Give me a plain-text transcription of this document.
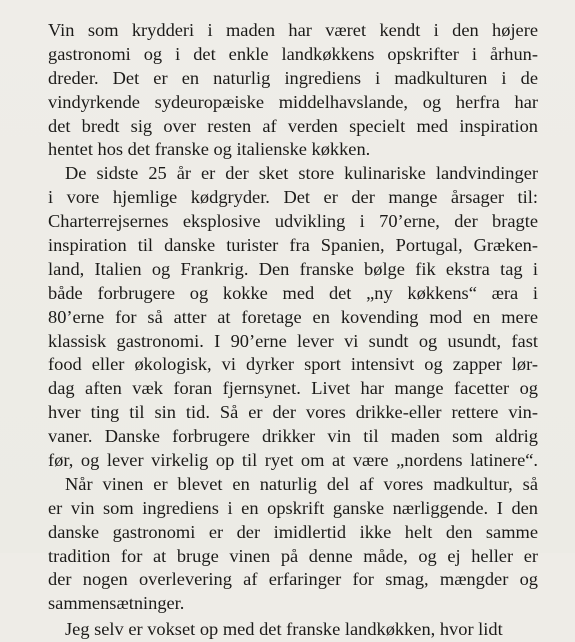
Vin som krydderi i maden har været kendt i den højere
gastronomi og i det enkle landkøkkens opskrifter i århun-
dreder. Det er en naturlig ingrediens i madkulturen i de
vindyrkende sydeuropæiske middelhavslande, og herfra har
det bredt sig over resten af verden specielt med inspiration
hentet hos det franske og italienske køkken.
De sidste 25 år er der sket store kulinariske landvindinger
i vore hjemlige kødgryder. Det er der mange årsager til:
Charterrejsernes eksplosive udvikling i 70’erne, der bragte
inspiration til danske turister fra Spanien, Portugal, Græken-
land, Italien og Frankrig. Den franske bølge fik ekstra tag i
både forbrugere og kokke med det „ny køkkens“ æra i
80’erne for så atter at foretage en kovending mod en mere
klassisk gastronomi. I 90’erne lever vi sundt og usundt, fast
food eller økologisk, vi dyrker sport intensivt og zapper lør-
dag aften væk foran fjernsynet. Livet har mange facetter og
hver ting til sin tid. Så er der vores drikke-eller rettere vin-
vaner. Danske forbrugere drikker vin til maden som aldrig
før, og lever virkelig op til ryet om at være „nordens latinere“.
Når vinen er blevet en naturlig del af vores madkultur, så
er vin som ingrediens i en opskrift ganske nærliggende. I den
danske gastronomi er der imidlertid ikke helt den samme
tradition for at bruge vinen på denne måde, og ej heller er
der nogen overlevering af erfaringer for smag, mængder og
sammensætninger.
Jeg selv er vokset op med det franske landkøkken, hvor lidt
